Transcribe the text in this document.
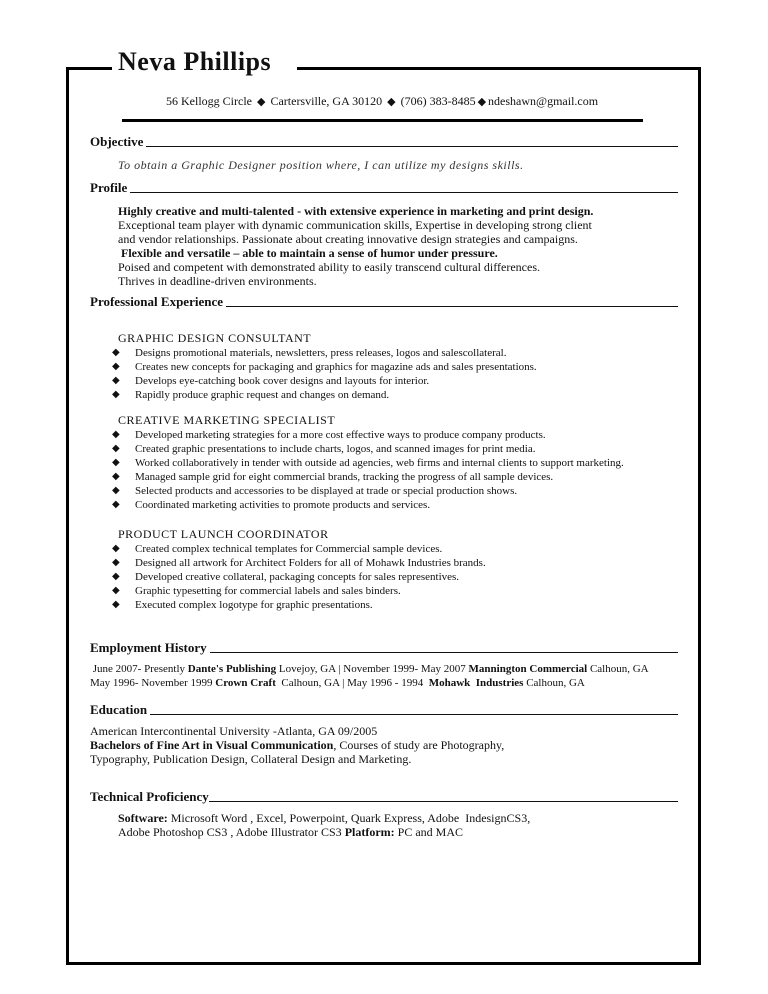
Neva Phillips
56 Kellogg Circle ◆ Cartersville, GA 30120 ◆ (706) 383-8485 ◆ ndeshawn@gmail.com
Objective
To obtain a Graphic Designer position where, I can utilize my designs skills.
Profile
Highly creative and multi-talented - with extensive experience in marketing and print design.
Exceptional team player with dynamic communication skills, Expertise in developing strong client
and vendor relationships. Passionate about creating innovative design strategies and campaigns.
Flexible and versatile – able to maintain a sense of humor under pressure.
Poised and competent with demonstrated ability to easily transcend cultural differences.
Thrives in deadline-driven environments.
Professional Experience
GRAPHIC DESIGN CONSULTANT
◆	Designs promotional materials, newsletters, press releases, logos and salescollateral.
◆	Creates new concepts for packaging and graphics for magazine ads and sales presentations.
◆	Develops eye-catching book cover designs and layouts for interior.
◆	Rapidly produce graphic request and changes on demand.
CREATIVE MARKETING SPECIALIST
◆	Developed marketing strategies for a more cost effective ways to produce company products.
◆	Created graphic presentations to include charts, logos, and scanned images for print media.
◆	Worked collaboratively in tender with outside ad agencies, web firms and internal clients to support marketing.
◆	Managed sample grid for eight commercial brands, tracking the progress of all sample devices.
◆	Selected products and accessories to be displayed at trade or special production shows.
◆	Coordinated marketing activities to promote products and services.
PRODUCT LAUNCH COORDINATOR
◆	Created complex technical templates for Commercial sample devices.
◆	Designed all artwork for Architect Folders for all of Mohawk Industries brands.
◆	Developed creative collateral, packaging concepts for sales representives.
◆	Graphic typesetting for commercial labels and sales binders.
◆	Executed complex logotype for graphic presentations.
Employment History
June 2007- Presently Dante's Publishing Lovejoy, GA | November 1999- May 2007 Mannington Commercial Calhoun, GA
May 1996- November 1999 Crown Craft  Calhoun, GA | May 1996 - 1994  Mohawk  Industries Calhoun, GA
Education
American Intercontinental University -Atlanta, GA 09/2005
Bachelors of Fine Art in Visual Communication, Courses of study are Photography,
Typography, Publication Design, Collateral Design and Marketing.
Technical Proficiency
Software: Microsoft Word , Excel, Powerpoint, Quark Express, Adobe  IndesignCS3,
Adobe Photoshop CS3 , Adobe Illustrator CS3 Platform: PC and MAC
